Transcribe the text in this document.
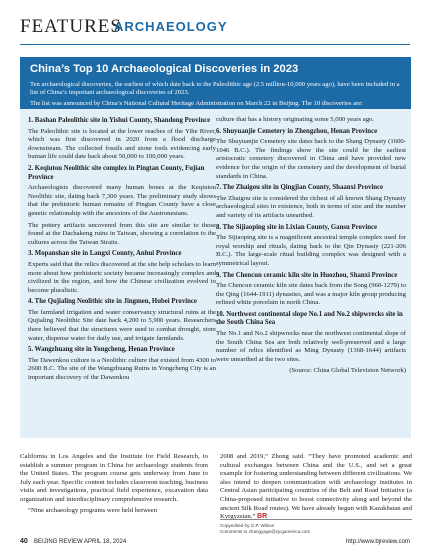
FEATURES
ARCHAEOLOGY
China’s Top 10 Archaeological Discoveries in 2023

Ten archaeological discoveries, the earliest of which date back to the Paleolithic age (2.5 million-10,000 years ago), have been included in a list of China’s important archaeological discoveries of 2023.

The list was announced by China’s National Cultural Heritage Administration on March 22 in Beijing. The 10 discoveries are:

1. Bashan Paleolithic site in Yishui County, Shandong Province

The Paleolithic site is located at the lower reaches of the Yihe River, which was first discovered in 2020 from a flood discharge downstream. The collected fossils and stone tools evidencing early human life could date back about 50,000 to 100,000 years.

2. Keqiutou Neolithic site complex in Pingtan County, Fujian Province

Archaeologists discovered many human bones at the Keqiutou Neolithic site, dating back 7,300 years. The preliminary study shows that the prehistoric human remains of Pingtan County have a close genetic relationship with the ancestors of the Austronesians.

The pottery artifacts uncovered from this site are similar to those found at the Dachakeng ruins in Taiwan, showing a correlation to the cultures across the Taiwan Straits.

3. Mopanshan site in Langxi County, Anhui Province

Experts said that the relics discovered at the site help scholars to learn more about how prehistoric society became increasingly complex and civilized in the region, and how the Chinese civilization evolved to become pluralistic.

4. The Qujialing Neolithic site in Jingmen, Hubei Province

The farmland irrigation and water conservancy structural ruins at the Qujialing Neolithic Site date back 4,200 to 5,900 years. Researchers there believed that the structures were used to combat drought, store water, dispense water for daily use, and irrigate farmlands.

5. Wangzhuang site in Yongcheng, Henan Province

The Dawenkou culture is a Neolithic culture that existed from 4300 to 2600 B.C. The site of the Wangzhuang Ruins in Yongcheng City is an important discovery of the Dawenkou

culture that has a history originating some 5,000 years ago.

6. Shuyuanjie Cemetery in Zhengzhou, Henan Province

The Shuyuanjie Cemetery site dates back to the Shang Dynasty (1600-1046 B.C.). The findings show the site could be the earliest aristocratic cemetery discovered in China and have provided new evidence for the origin of the cemetery and the development of burial standards in China.

7. The Zhaigou site in Qingjian County, Shaanxi Province

The Zhaigou site is considered the richest of all known Shang Dynasty archaeological sites in existence, both in terms of size and the number and variety of its artifacts unearthed.

8. The Sijiaoping site in Lixian County, Gansu Province

The Sijiaoping site is a magnificent ancestral temple complex used for royal worship and rituals, dating back to the Qin Dynasty (221-206 B.C.). The large-scale ritual building complex was designed with a symmetrical layout.

9. The Chencun ceramic kiln site in Huozhou, Shanxi Province

The Chencun ceramic kiln site dates back from the Song (960-1279) to the Qing (1644-1911) dynasties, and was a major kiln group producing refined white porcelain in north China.

10. Northwest continental slope No.1 and No.2 shipwrecks site in the South China Sea

The No.1 and No.2 shipwrecks near the northwest continental slope of the South China Sea are both relatively well-preserved and a large number of relics identified as Ming Dynasty (1368-1644) artifacts were unearthed at the two sites.

(Source: China Global Television Network)

California in Los Angeles and the Institute for Field Research, to establish a summer program in China for archaeology students from the United States. The program course gets underway from June to July each year. Specific content includes classroom teaching, business visits and investigations, practical field experience, excavation data organization and interdisciplinary comprehensive research.

“Nine archaeology programs were held between

2008 and 2019,” Zhong said. “They have promoted academic and cultural exchanges between China and the U.S., and set a great example for fostering understanding between different civilizations. We also intend to deepen communication with archaeology institutes in Central Asian participating countries of the Belt and Road Initiative (a China-proposed initiative to boost connectivity along and beyond the ancient Silk Road routes). We have already begun with Kazakhstan and Kyrgyzstan.” BR

Copyedited by G.P. Wilson
Comments to zhangyage@cjcgamerica.com
40 BEIJING REVIEW APRIL 18, 2024	http://www.bjreview.com
